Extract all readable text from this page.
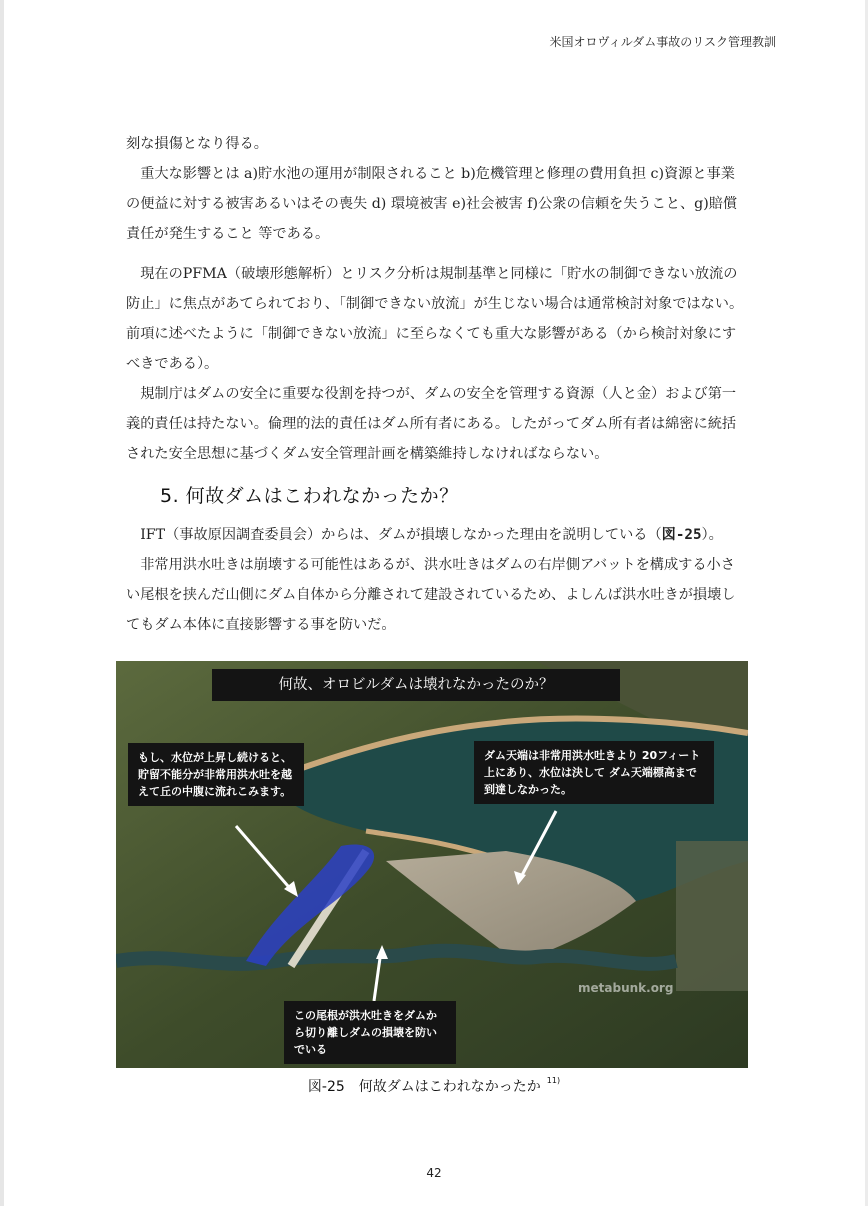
米国オロヴィルダム事故のリスク管理教訓

刻な損傷となり得る。

重大な影響とは a)貯水池の運用が制限されること b)危機管理と修理の費用負担 c)資源と事業の便益に対する被害あるいはその喪失 d) 環境被害 e)社会被害 f)公衆の信頼を失うこと、g)賠償責任が発生すること 等である。

現在のPFMA（破壊形態解析）とリスク分析は規制基準と同様に「貯水の制御できない放流の防止」に焦点があてられており、「制御できない放流」が生じない場合は通常検討対象ではない。前項に述べたように「制御できない放流」に至らなくても重大な影響がある（から検討対象にすべきである）。

規制庁はダムの安全に重要な役割を持つが、ダムの安全を管理する資源（人と金）および第一義的責任は持たない。倫理的法的責任はダム所有者にある。したがってダム所有者は綿密に統括された安全思想に基づくダム安全管理計画を構築維持しなければならない。

5. 何故ダムはこわれなかったか？

IFT（事故原因調査委員会）からは、ダムが損壊しなかった理由を説明している（図-25）。

非常用洪水吐きは崩壊する可能性はあるが、洪水吐きはダムの右岸側アバットを構成する小さい尾根を挟んだ山側にダム自体から分離されて建設されているため、よしんば洪水吐きが損壊してもダム本体に直接影響する事を防いだ。

何故、オロビルダムは壊れなかったのか？
もし、水位が上昇し続けると、貯留不能分が非常用洪水吐を越えて丘の中腹に流れこみます。
ダム天端は非常用洪水吐きより 20フィート上にあり、水位は決して ダム天端標高まで到達しなかった。
この尾根が洪水吐きをダムから切り離しダムの損壊を防いでいる
metabunk.org
図-25　何故ダムはこわれなかったか $^{11)}$
42
